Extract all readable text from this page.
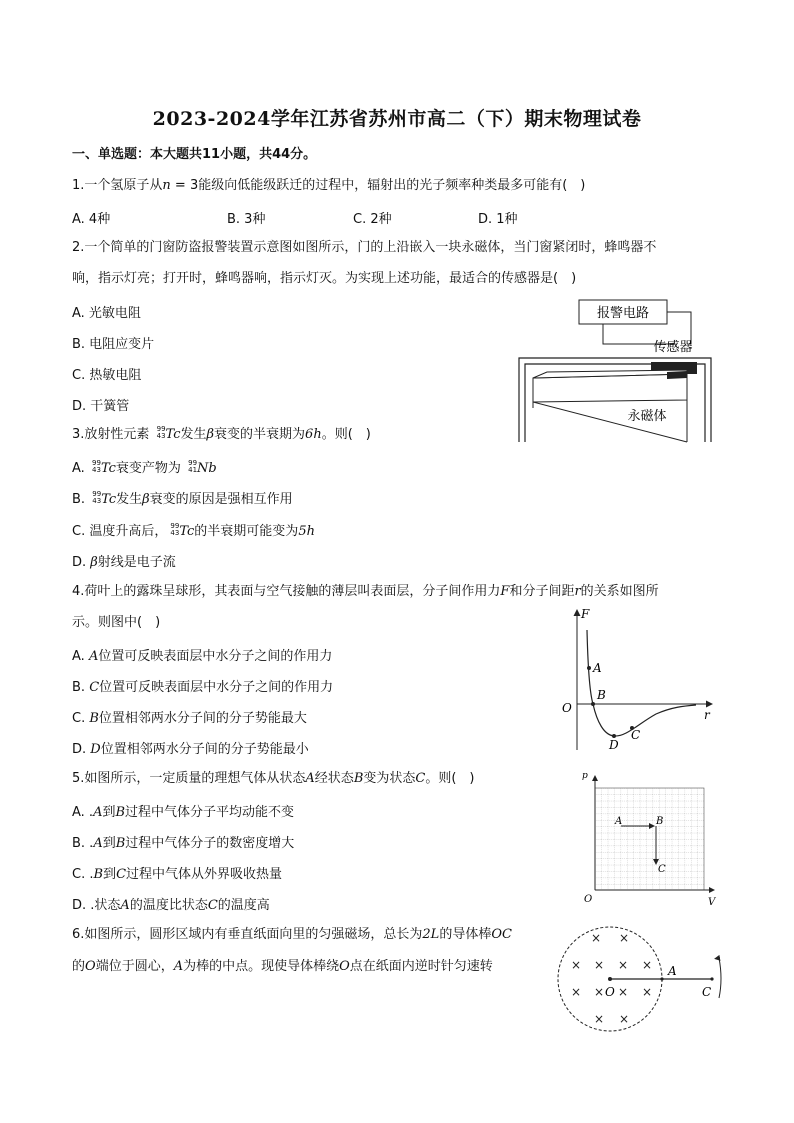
2023-2024学年江苏省苏州市高二（下）期末物理试卷
一、单选题：本大题共11小题，共44分。
1.一个氢原子从n = 3能级向低能级跃迁的过程中，辐射出的光子频率种类最多可能有(　)
A. 4种	B. 3种	C. 2种	D. 1种
2.一个简单的门窗防盗报警装置示意图如图所示，门的上沿嵌入一块永磁体，当门窗紧闭时，蜂鸣器不
响，指示灯亮；打开时，蜂鸣器响，指示灯灭。为实现上述功能，最适合的传感器是(　)
A. 光敏电阻
B. 电阻应变片
C. 热敏电阻
D. 干簧管
报警电路
传感器
永磁体
3.放射性元素 99
43 Tc发生β衰变的半衰期为6h。则(　)
A. 99
43 Tc衰变产物为 99
41 Nb
B. 99
43 Tc发生β衰变的原因是强相互作用
C. 温度升高后， 99
43 Tc的半衰期可能变为5h
D. β射线是电子流
4.荷叶上的露珠呈球形，其表面与空气接触的薄层叫表面层，分子间作用力F和分子间距r的关系如图所
示。则图中(　)
A. A位置可反映表面层中水分子之间的作用力
B. C位置可反映表面层中水分子之间的作用力
C. B位置相邻两水分子间的分子势能最大
D. D位置相邻两水分子间的分子势能最小
F
r
O
A
B
D
C
5.如图所示，一定质量的理想气体从状态A经状态B变为状态C。则(　)
A. .A到B过程中气体分子平均动能不变
B. .A到B过程中气体分子的数密度增大
C. .B到C过程中气体从外界吸收热量
D. .状态A的温度比状态C的温度高
p
V
O
A	B
C
6.如图所示，圆形区域内有垂直纸面向里的匀强磁场，总长为2L的导体棒OC
的O端位于圆心，A为棒的中点。现使导体棒绕O点在纸面内逆时针匀速转
× ×
× × × ×
× × × ×
× ×
O
A
C
